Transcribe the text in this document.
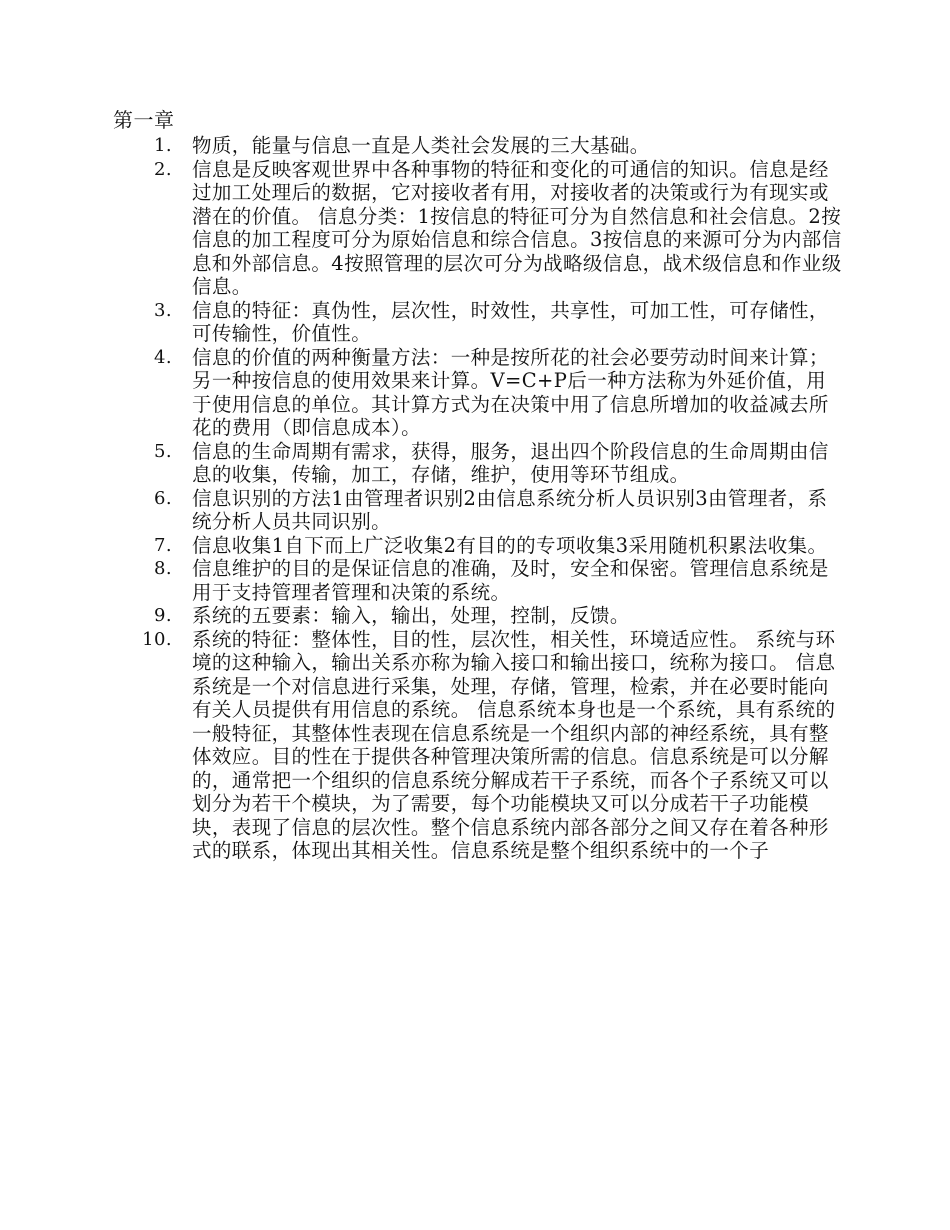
第一章
1. 物质，能量与信息一直是人类社会发展的三大基础。
2. 信息是反映客观世界中各种事物的特征和变化的可通信的知识。信息是经过加工处理后的数据，它对接收者有用，对接收者的决策或行为有现实或潜在的价值。 信息分类：1按信息的特征可分为自然信息和社会信息。2按信息的加工程度可分为原始信息和综合信息。3按信息的来源可分为内部信息和外部信息。4按照管理的层次可分为战略级信息，战术级信息和作业级信息。
3. 信息的特征：真伪性，层次性，时效性，共享性，可加工性，可存储性，可传输性，价值性。
4. 信息的价值的两种衡量方法：一种是按所花的社会必要劳动时间来计算；另一种按信息的使用效果来计算。V=C+P后一种方法称为外延价值，用于使用信息的单位。其计算方式为在决策中用了信息所增加的收益减去所花的费用（即信息成本）。
5. 信息的生命周期有需求，获得，服务，退出四个阶段信息的生命周期由信息的收集，传输，加工，存储，维护，使用等环节组成。
6. 信息识别的方法1由管理者识别2由信息系统分析人员识别3由管理者，系统分析人员共同识别。
7. 信息收集1自下而上广泛收集2有目的的专项收集3采用随机积累法收集。
8. 信息维护的目的是保证信息的准确，及时，安全和保密。管理信息系统是用于支持管理者管理和决策的系统。
9. 系统的五要素：输入，输出，处理，控制，反馈。
10. 系统的特征：整体性，目的性，层次性，相关性，环境适应性。 系统与环境的这种输入，输出关系亦称为输入接口和输出接口，统称为接口。 信息系统是一个对信息进行采集，处理，存储，管理，检索，并在必要时能向有关人员提供有用信息的系统。 信息系统本身也是一个系统，具有系统的一般特征，其整体性表现在信息系统是一个组织内部的神经系统，具有整体效应。目的性在于提供各种管理决策所需的信息。信息系统是可以分解的，通常把一个组织的信息系统分解成若干子系统，而各个子系统又可以划分为若干个模块，为了需要，每个功能模块又可以分成若干子功能模块，表现了信息的层次性。整个信息系统内部各部分之间又存在着各种形式的联系，体现出其相关性。信息系统是整个组织系统中的一个子
